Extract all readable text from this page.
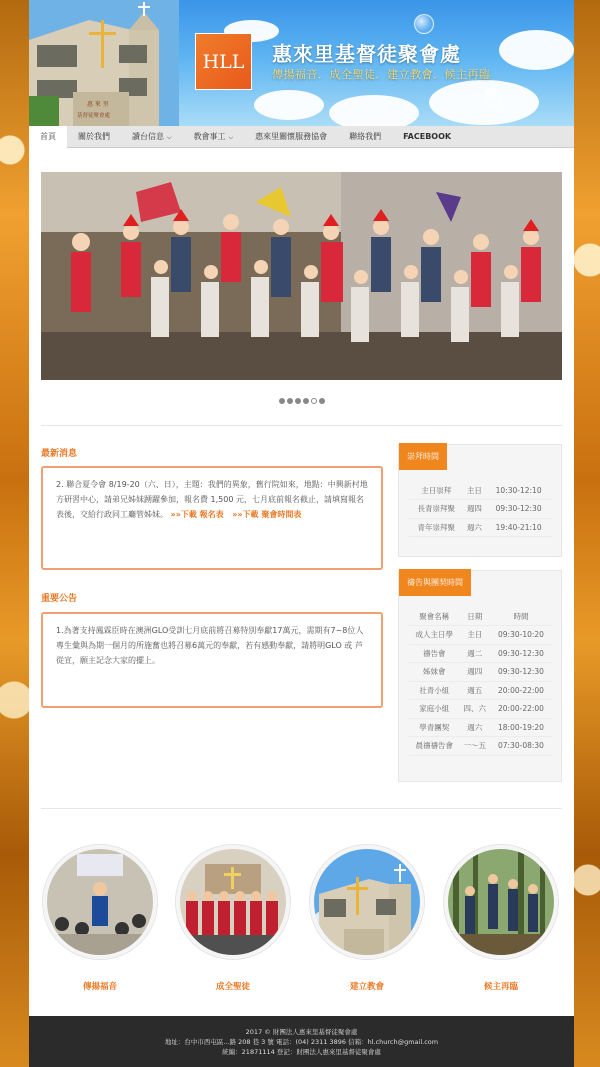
惠 來 里
基督徒聚會處
HLL	惠來里基督徒聚會處
傳揚福音．成全聖徒．建立教會．候主再臨
首頁	關於我們	讀台信息 ⌵	教會事工 ⌵	惠來里關懷服務協會	聯絡我們	FACEBOOK
最新消息
2. 聯合夏令會 8/19-20（六、日），主題：我們的異象，舊行院如來，地點：中興新村地方研習中心，請弟兄姊妹踴躍參加，報名費 1,500 元，七月底前報名截止，請填寫報名表後，交給行政同工廳管姊妹。 »»下載 報名表 »»下載 聚會時間表
重要公告
1.為著支持鳳霖臣時在澳洲GLO受訓七月底前將召募特別奉獻17萬元，需期有7~8位人專生彙與為期一個月的所施奮也將召募6萬元的奉獻，若有感動奉獻，請將明GLO 或 芦從宣，願主記念大家的擺上。
崇拜時間
主日崇拜	主日	10:30-12:10
長青崇拜聚	週四	09:30-12:30
青年崇拜聚	週六	19:40-21:10
禱告與團契時間
聚會名稱	日期	時間
成人主日學	主日	09:30-10:20
禱告會	週二	09:30-12:30
姊妹會	週四	09:30-12:30
社青小組	週五	20:00-22:00
家庭小組	四、六	20:00-22:00
學青團契	週六	18:00-19:20
晨禱禱告會	一～五	07:30-08:30
傳揚福音	成全聖徒	建立教會	候主再臨
2017 © 財團法人惠來里基督徒聚會處
地址：台中市西屯區...路 208 巷 3 號 電話：(04) 2311 3896 信箱：hl.church@gmail.com
統編：21871114 登記：財團法人惠來里基督徒聚會處
